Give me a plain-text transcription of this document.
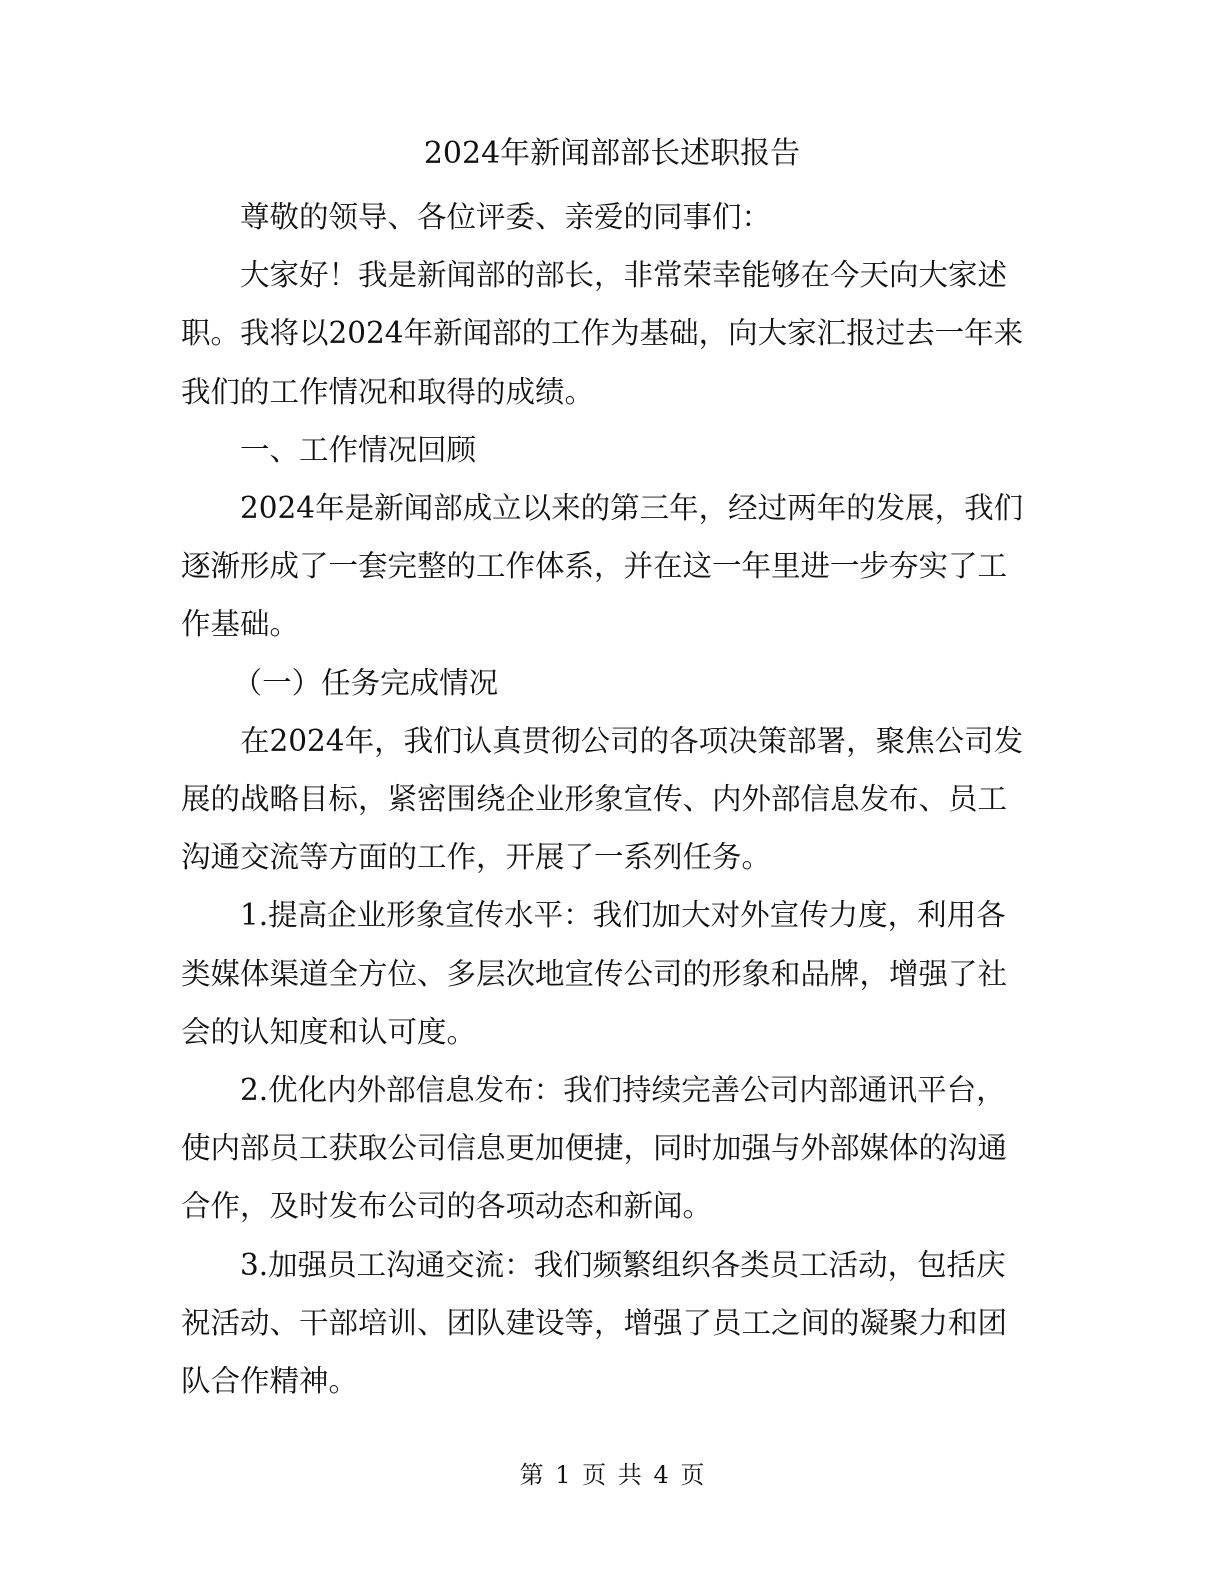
2024年新闻部部长述职报告

尊敬的领导、各位评委、亲爱的同事们：

大家好！我是新闻部的部长，非常荣幸能够在今天向大家述职。我将以2024年新闻部的工作为基础，向大家汇报过去一年来我们的工作情况和取得的成绩。

一、工作情况回顾

2024年是新闻部成立以来的第三年，经过两年的发展，我们逐渐形成了一套完整的工作体系，并在这一年里进一步夯实了工作基础。

（一）任务完成情况

在2024年，我们认真贯彻公司的各项决策部署，聚焦公司发展的战略目标，紧密围绕企业形象宣传、内外部信息发布、员工沟通交流等方面的工作，开展了一系列任务。

1.提高企业形象宣传水平：我们加大对外宣传力度，利用各类媒体渠道全方位、多层次地宣传公司的形象和品牌，增强了社会的认知度和认可度。

2.优化内外部信息发布：我们持续完善公司内部通讯平台，使内部员工获取公司信息更加便捷，同时加强与外部媒体的沟通合作，及时发布公司的各项动态和新闻。

3.加强员工沟通交流：我们频繁组织各类员工活动，包括庆祝活动、干部培训、团队建设等，增强了员工之间的凝聚力和团队合作精神。

第 1 页 共 4 页
